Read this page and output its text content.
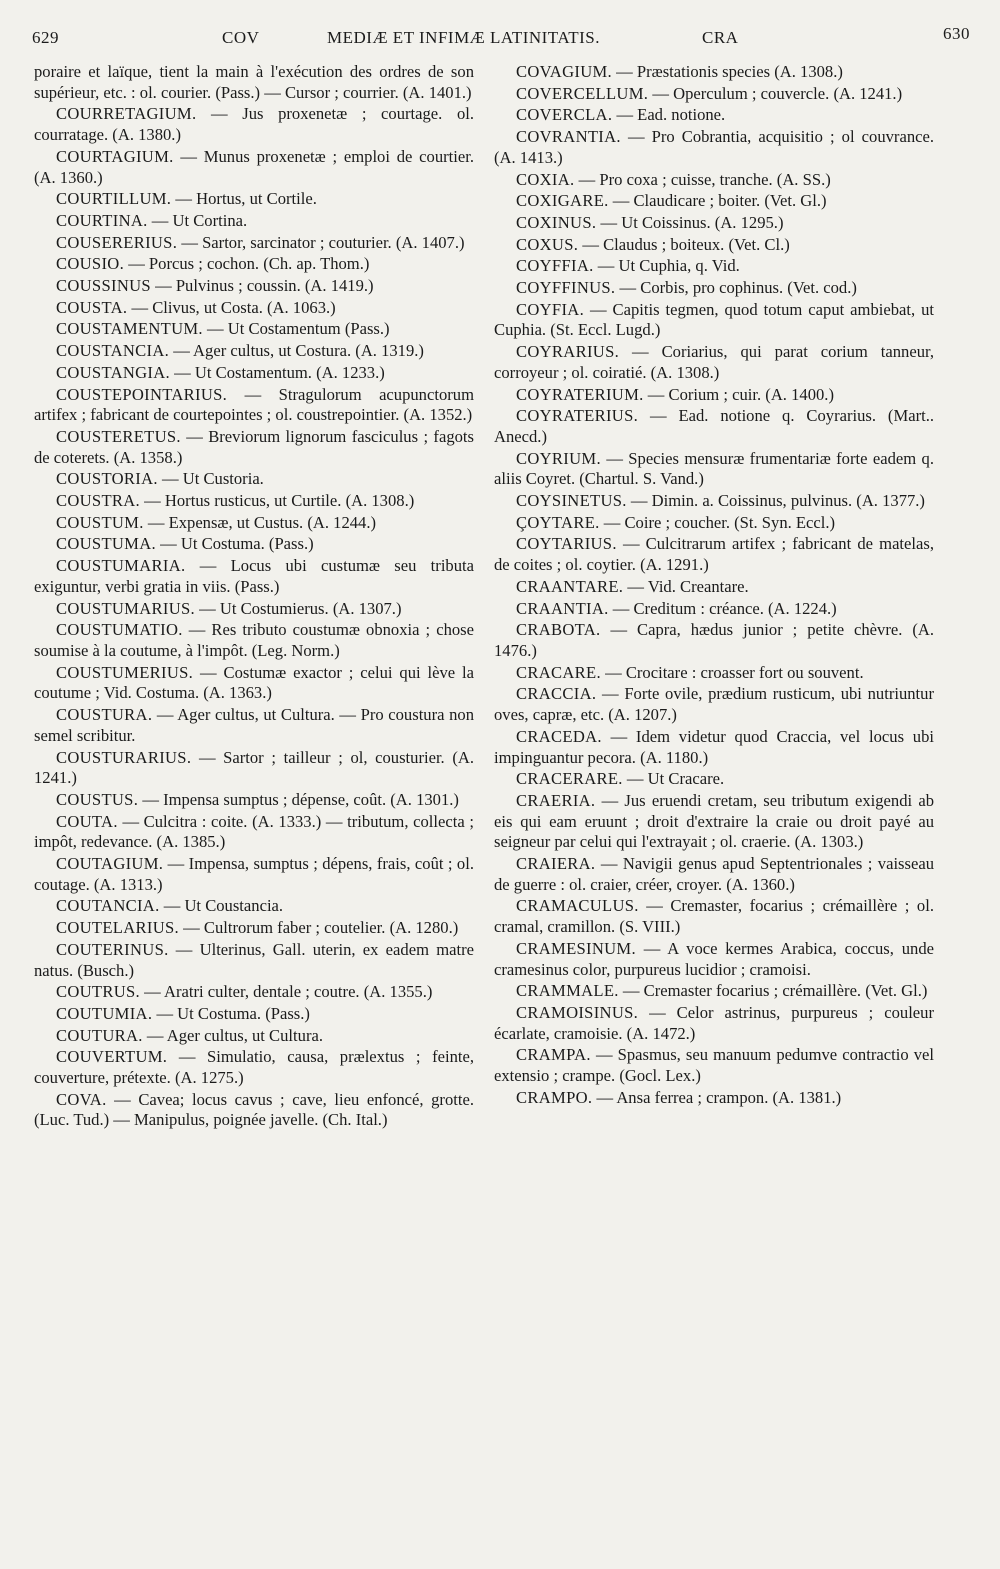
629	COV	MEDIÆ ET INFIMÆ LATINITATIS.	CRA	630

poraire et laïque, tient la main à l'exécution des ordres de son supérieur, etc. : ol. courier. (Pass.) — Cursor ; courrier. (A. 1401.)

COURRETAGIUM. — Jus proxenetæ ; courtage. ol. courratage. (A. 1380.)

COURTAGIUM. — Munus proxenetæ ; emploi de courtier. (A. 1360.)

COURTILLUM. — Hortus, ut Cortile.

COURTINA. — Ut Cortina.

COUSERERIUS. — Sartor, sarcinator ; couturier. (A. 1407.)

COUSIO. — Porcus ; cochon. (Ch. ap. Thom.)

COUSSINUS — Pulvinus ; coussin. (A. 1419.)

COUSTA. — Clivus, ut Costa. (A. 1063.)

COUSTAMENTUM. — Ut Costamentum (Pass.)

COUSTANCIA. — Ager cultus, ut Costura. (A. 1319.)

COUSTANGIA. — Ut Costamentum. (A. 1233.)

COUSTEPOINTARIUS. — Stragulorum acupunctorum artifex ; fabricant de courtepointes ; ol. coustrepointier. (A. 1352.)

COUSTERETUS. — Breviorum lignorum fasciculus ; fagots de coterets. (A. 1358.)

COUSTORIA. — Ut Custoria.

COUSTRA. — Hortus rusticus, ut Curtile. (A. 1308.)

COUSTUM. — Expensæ, ut Custus. (A. 1244.)

COUSTUMA. — Ut Costuma. (Pass.)

COUSTUMARIA. — Locus ubi custumæ seu tributa exiguntur, verbi gratia in viis. (Pass.)

COUSTUMARIUS. — Ut Costumierus. (A. 1307.)

COUSTUMATIO. — Res tributo coustumæ obnoxia ; chose soumise à la coutume, à l'impôt. (Leg. Norm.)

COUSTUMERIUS. — Costumæ exactor ; celui qui lève la coutume ; Vid. Costuma. (A. 1363.)

COUSTURA. — Ager cultus, ut Cultura. — Pro coustura non semel scribitur.

COUSTURARIUS. — Sartor ; tailleur ; ol, cousturier. (A. 1241.)

COUSTUS. — Impensa sumptus ; dépense, coût. (A. 1301.)

COUTA. — Culcitra : coite. (A. 1333.) — tributum, collecta ; impôt, redevance. (A. 1385.)

COUTAGIUM. — Impensa, sumptus ; dépens, frais, coût ; ol. coutage. (A. 1313.)

COUTANCIA. — Ut Coustancia.

COUTELARIUS. — Cultrorum faber ; coutelier. (A. 1280.)

COUTERINUS. — Ulterinus, Gall. uterin, ex eadem matre natus. (Busch.)

COUTRUS. — Aratri culter, dentale ; coutre. (A. 1355.)

COUTUMIA. — Ut Costuma. (Pass.)

COUTURA. — Ager cultus, ut Cultura.

COUVERTUM. — Simulatio, causa, prælextus ; feinte, couverture, prétexte. (A. 1275.)

COVA. — Cavea; locus cavus ; cave, lieu enfoncé, grotte. (Luc. Tud.) — Manipulus, poignée javelle. (Ch. Ital.)

COVAGIUM. — Præstationis species (A. 1308.)

COVERCELLUM. — Operculum ; couvercle. (A. 1241.)

COVERCLA. — Ead. notione.

COVRANTIA. — Pro Cobrantia, acquisitio ; ol couvrance. (A. 1413.)

COXIA. — Pro coxa ; cuisse, tranche. (A. SS.)

COXIGARE. — Claudicare ; boiter. (Vet. Gl.)

COXINUS. — Ut Coissinus. (A. 1295.)

COXUS. — Claudus ; boiteux. (Vet. Cl.)

COYFFIA. — Ut Cuphia, q. Vid.

COYFFINUS. — Corbis, pro cophinus. (Vet. cod.)

COYFIA. — Capitis tegmen, quod totum caput ambiebat, ut Cuphia. (St. Eccl. Lugd.)

COYRARIUS. — Coriarius, qui parat corium tanneur, corroyeur ; ol. coiratié. (A. 1308.)

COYRATERIUM. — Corium ; cuir. (A. 1400.)

COYRATERIUS. — Ead. notione q. Coyrarius. (Mart.. Anecd.)

COYRIUM. — Species mensuræ frumentariæ forte eadem q. aliis Coyret. (Chartul. S. Vand.)

COYSINETUS. — Dimin. a. Coissinus, pulvinus. (A. 1377.)

ÇOYTARE. — Coire ; coucher. (St. Syn. Eccl.)

COYTARIUS. — Culcitrarum artifex ; fabricant de matelas, de coites ; ol. coytier. (A. 1291.)

CRAANTARE. — Vid. Creantare.

CRAANTIA. — Creditum : créance. (A. 1224.)

CRABOTA. — Capra, hædus junior ; petite chèvre. (A. 1476.)

CRACARE. — Crocitare : croasser fort ou souvent.

CRACCIA. — Forte ovile, prædium rusticum, ubi nutriuntur oves, capræ, etc. (A. 1207.)

CRACEDA. — Idem videtur quod Craccia, vel locus ubi impinguantur pecora. (A. 1180.)

CRACERARE. — Ut Cracare.

CRAERIA. — Jus eruendi cretam, seu tributum exigendi ab eis qui eam eruunt ; droit d'extraire la craie ou droit payé au seigneur par celui qui l'extrayait ; ol. craerie. (A. 1303.)

CRAIERA. — Navigii genus apud Septentrionales ; vaisseau de guerre : ol. craier, créer, croyer. (A. 1360.)

CRAMACULUS. — Cremaster, focarius ; crémaillère ; ol. cramal, cramillon. (S. VIII.)

CRAMESINUM. — A voce kermes Arabica, coccus, unde cramesinus color, purpureus lucidior ; cramoisi.

CRAMMALE. — Cremaster focarius ; crémaillère. (Vet. Gl.)

CRAMOISINUS. — Celor astrinus, purpureus ; couleur écarlate, cramoisie. (A. 1472.)

CRAMPA. — Spasmus, seu manuum pedumve contractio vel extensio ; crampe. (Gocl. Lex.)

CRAMPO. — Ansa ferrea ; crampon. (A. 1381.)
